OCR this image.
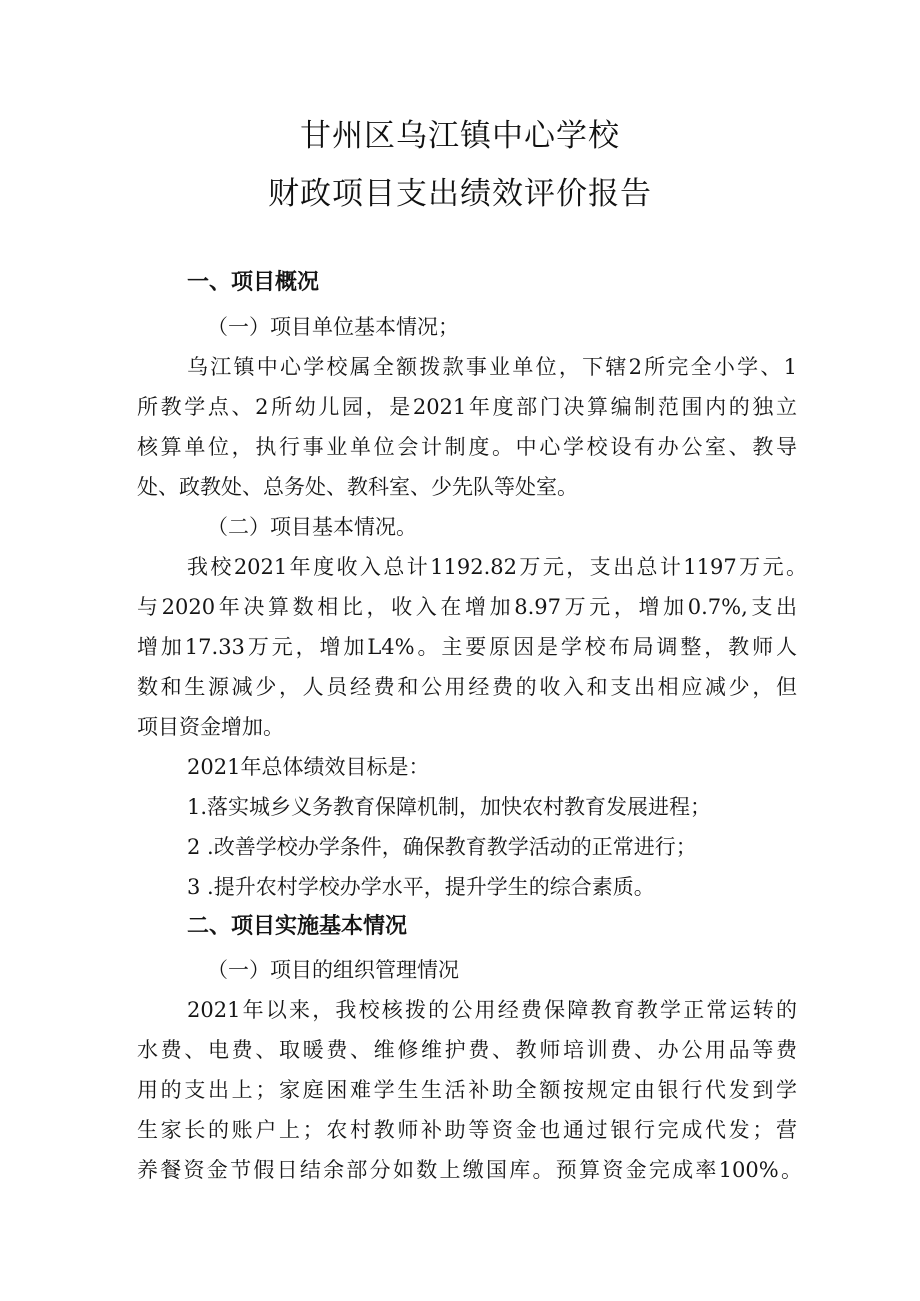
甘州区乌江镇中心学校
财政项目支出绩效评价报告
一、项目概况
（一）项目单位基本情况；
乌江镇中心学校属全额拨款事业单位，下辖2所完全小学、1
所教学点、2所幼儿园，是2021年度部门决算编制范围内的独立
核算单位，执行事业单位会计制度。中心学校设有办公室、教导
处、政教处、总务处、教科室、少先队等处室。
（二）项目基本情况。
我校2021年度收入总计1192.82万元，支出总计1197万元。
与2020年决算数相比，收入在增加8.97万元，增加0.7%,支出
增加17.33万元，增加L4%。主要原因是学校布局调整，教师人
数和生源减少，人员经费和公用经费的收入和支出相应减少，但
项目资金增加。
2021年总体绩效目标是：
1.落实城乡义务教育保障机制，加快农村教育发展进程；
2 .改善学校办学条件，确保教育教学活动的正常进行；
3 .提升农村学校办学水平，提升学生的综合素质。
二、项目实施基本情况
（一）项目的组织管理情况
2021年以来，我校核拨的公用经费保障教育教学正常运转的
水费、电费、取暖费、维修维护费、教师培训费、办公用品等费
用的支出上；家庭困难学生生活补助全额按规定由银行代发到学
生家长的账户上；农村教师补助等资金也通过银行完成代发；营
养餐资金节假日结余部分如数上缴国库。预算资金完成率100%。
